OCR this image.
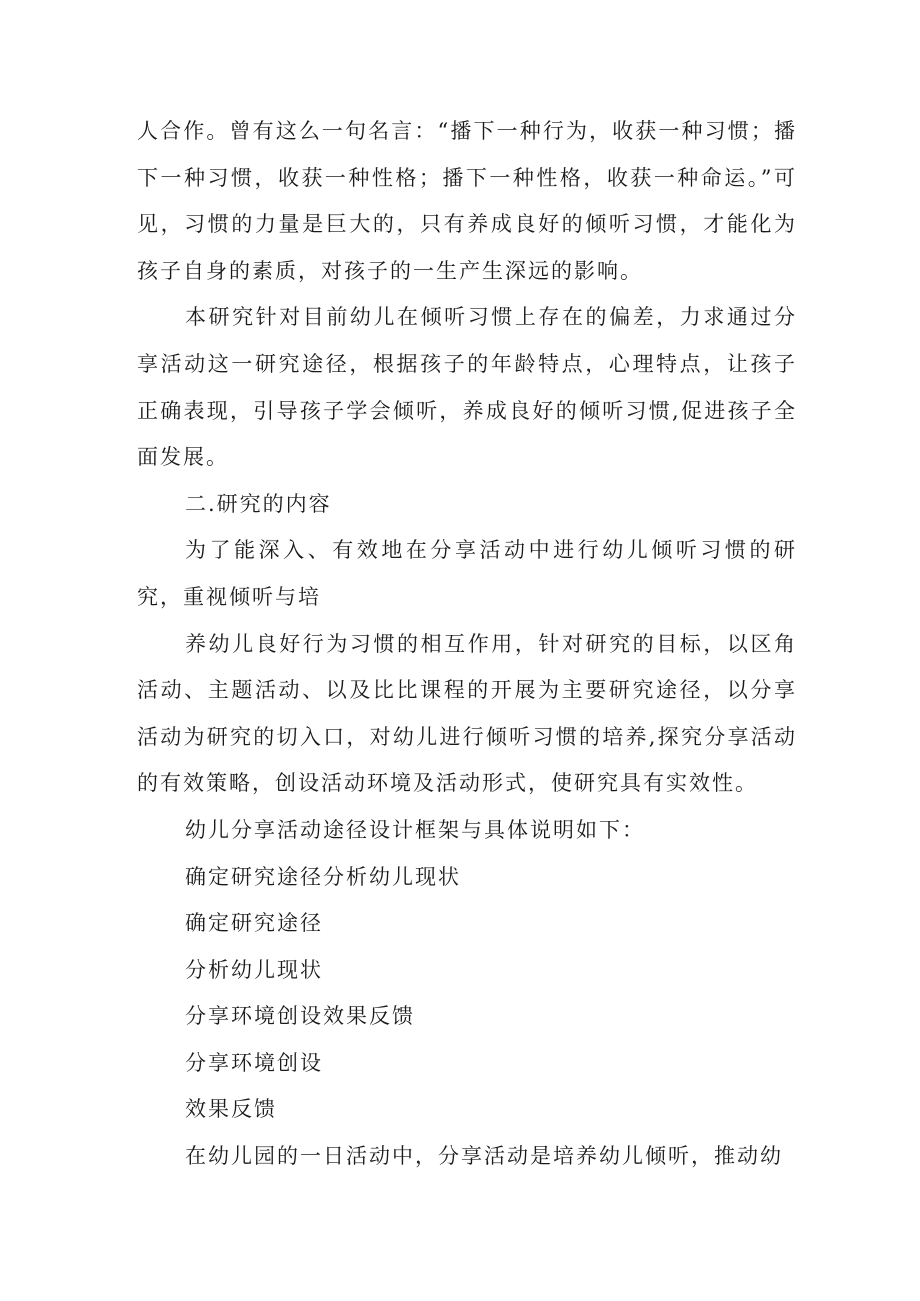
人合作。曾有这么一句名言：“播下一种行为，收获一种习惯；播下一种习惯，收获一种性格；播下一种性格，收获一种命运。”可见，习惯的力量是巨大的，只有养成良好的倾听习惯，才能化为孩子自身的素质，对孩子的一生产生深远的影响。

本研究针对目前幼儿在倾听习惯上存在的偏差，力求通过分享活动这一研究途径，根据孩子的年龄特点，心理特点，让孩子正确表现，引导孩子学会倾听，养成良好的倾听习惯,促进孩子全面发展。

二.研究的内容

为了能深入、有效地在分享活动中进行幼儿倾听习惯的研究，重视倾听与培

养幼儿良好行为习惯的相互作用，针对研究的目标，以区角活动、主题活动、以及比比课程的开展为主要研究途径，以分享活动为研究的切入口，对幼儿进行倾听习惯的培养,探究分享活动的有效策略，创设活动环境及活动形式，使研究具有实效性。

幼儿分享活动途径设计框架与具体说明如下：

确定研究途径分析幼儿现状

确定研究途径

分析幼儿现状

分享环境创设效果反馈

分享环境创设

效果反馈

在幼儿园的一日活动中，分享活动是培养幼儿倾听，推动幼
